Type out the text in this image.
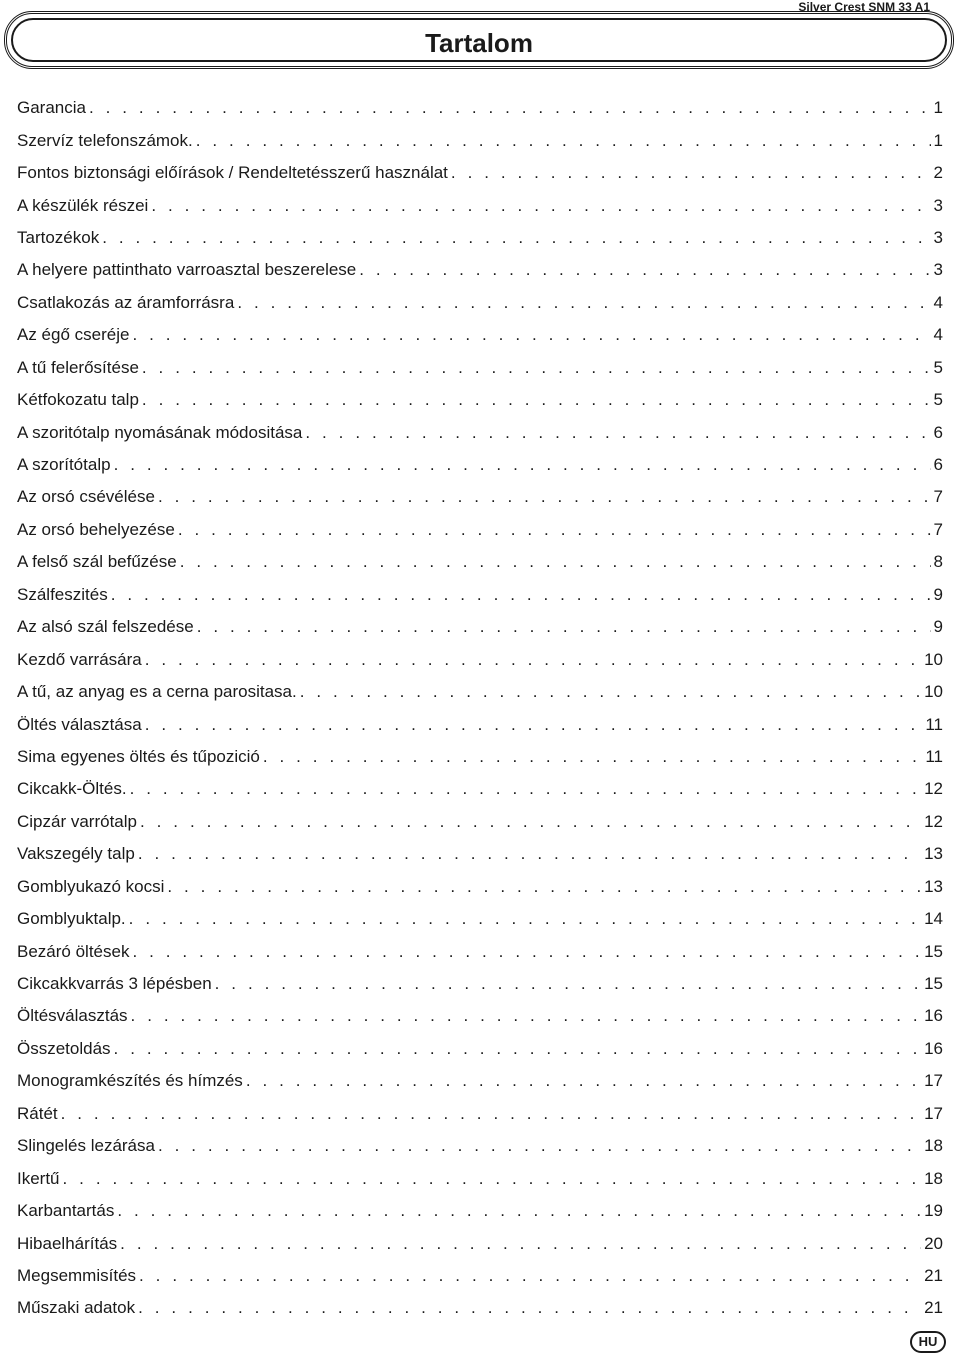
Silver Crest SNM 33 A1
Tartalom
Garancia . . .	1
Szervíz telefonszámok. . . .	1
Fontos biztonsági előírások / Rendeltetésszerű használat . . .	2
A készülék részei . . .	3
Tartozékok . . .	3
A helyere pattinthato varroasztal beszerelese . . .	3
Csatlakozás az áramforrásra . . .	4
Az égő cseréje . . .	4
A tű felerősítése . . .	5
Kétfokozatu talp . . .	5
A szoritótalp nyomásának módositása . . .	6
A szorítótalp . . .	6
Az orsó csévélése . . .	7
Az orsó behelyezése . . .	7
A felső szál befűzése . . .	8
Szálfeszités . . .	9
Az alsó szál felszedése . . .	9
Kezdő varrására . . .	10
A tű, az anyag es a cerna parositasa. . . .	10
Öltés választása . . .	11
Sima egyenes öltés és tűpozició . . .	11
Cikcakk-Öltés. . . .	12
Cipzár varrótalp . . .	12
Vakszegély talp . . .	13
Gomblyukazó kocsi . . .	13
Gomblyuktalp. . . .	14
Bezáró öltések . . .	15
Cikcakkvarrás 3 lépésben . . .	15
Öltésválasztás . . .	16
Összetoldás . . .	16
Monogramkészítés és hímzés . . .	17
Rátét . . .	17
Slingelés lezárása . . .	18
Ikertű . . .	18
Karbantartás . . .	19
Hibaelhárítás . . .	20
Megsemmisítés . . .	21
Műszaki adatok . . .	21
HU
